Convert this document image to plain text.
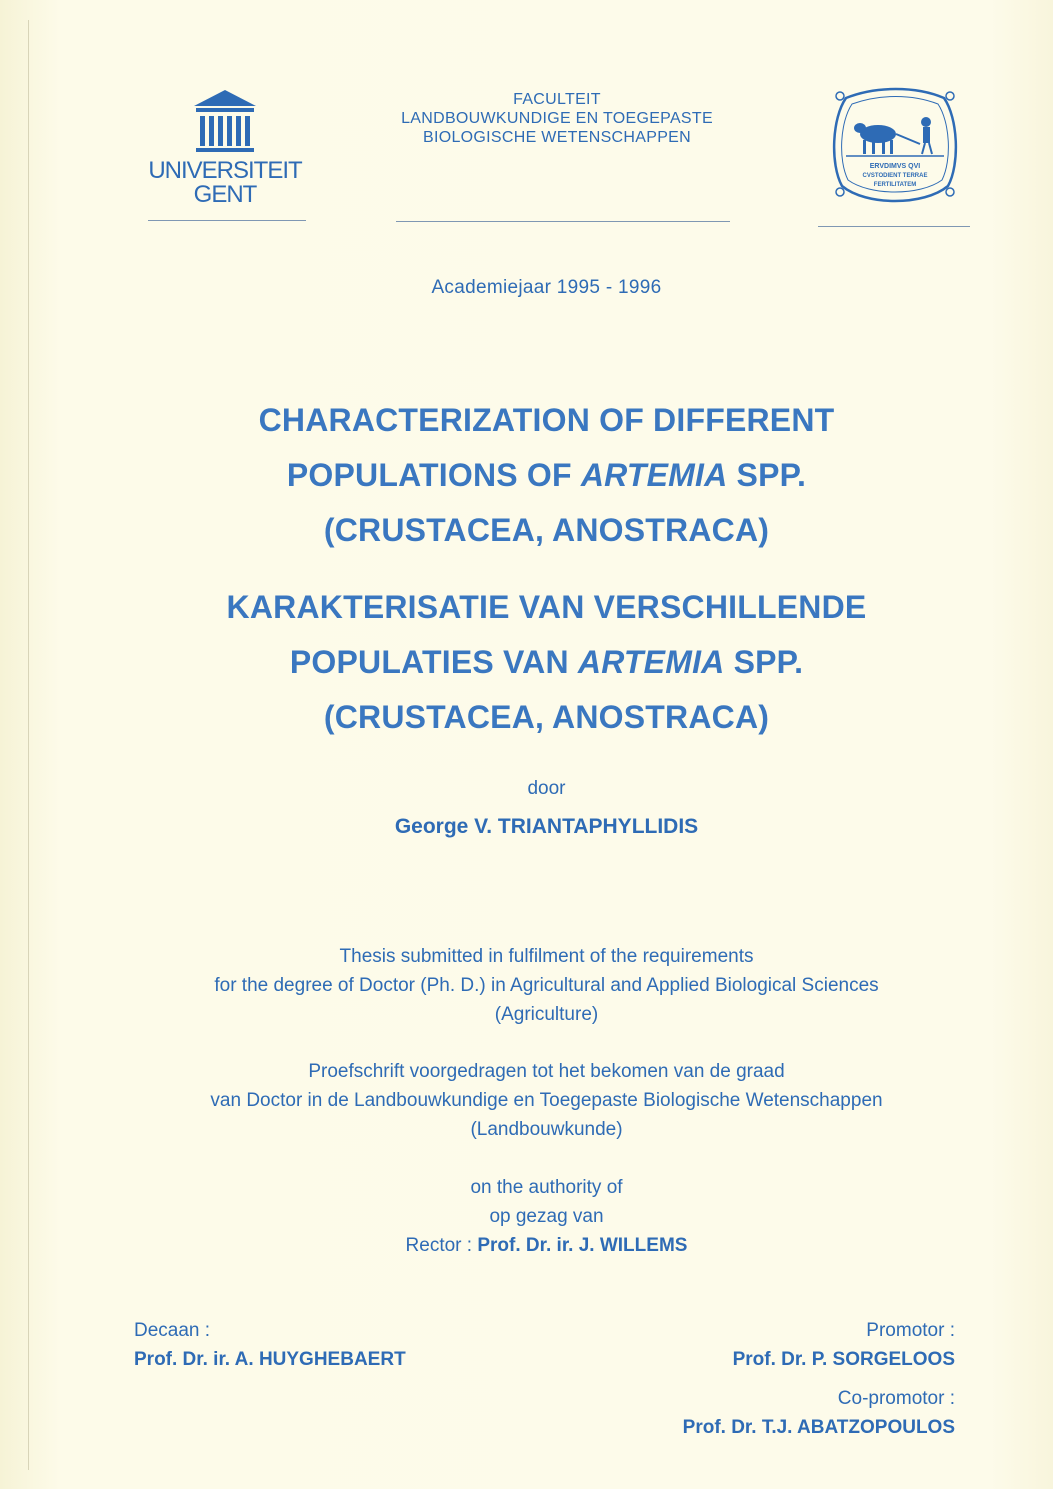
UNIVERSITEIT
GENT
FACULTEIT
LANDBOUWKUNDIGE EN TOEGEPASTE
BIOLOGISCHE WETENSCHAPPEN
ERVDIMVS QVI
CVSTODIENT TERRAE
FERTILITATEM
Academiejaar 1995 - 1996
CHARACTERIZATION OF DIFFERENT
POPULATIONS OF ARTEMIA SPP.
(CRUSTACEA, ANOSTRACA)
KARAKTERISATIE VAN VERSCHILLENDE
POPULATIES VAN ARTEMIA SPP.
(CRUSTACEA, ANOSTRACA)
door
George V. TRIANTAPHYLLIDIS
Thesis submitted in fulfilment of the requirements
for the degree of Doctor (Ph. D.) in Agricultural and Applied Biological Sciences
(Agriculture)
Proefschrift voorgedragen tot het bekomen van de graad
van Doctor in de Landbouwkundige en Toegepaste Biologische Wetenschappen
(Landbouwkunde)
on the authority of
op gezag van
Rector : Prof. Dr. ir. J. WILLEMS
Decaan :
Prof. Dr. ir. A. HUYGHEBAERT
Promotor :
Prof. Dr. P. SORGELOOS
Co-promotor :
Prof. Dr. T.J. ABATZOPOULOS
